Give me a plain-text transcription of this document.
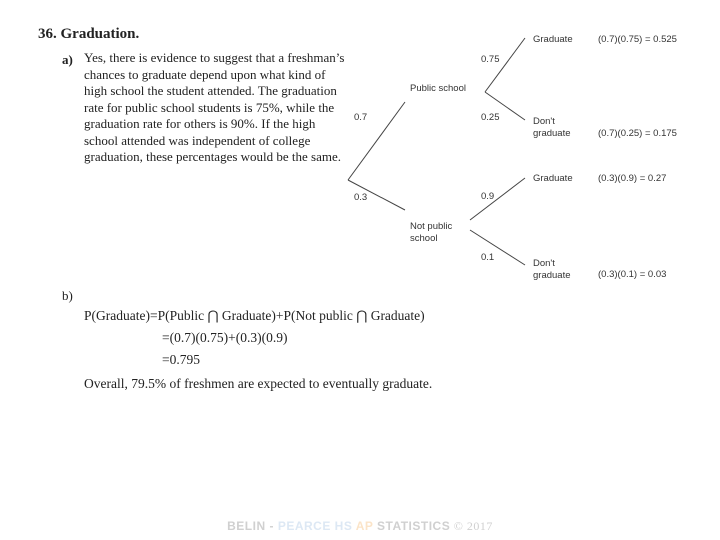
36. Graduation.
a) Yes, there is evidence to suggest that a freshman’s chances to graduate depend upon what kind of high school the student attended. The graduation rate for public school students is 75%, while the graduation rate for others is 90%. If the high school attended was independent of college graduation, these percentages would be the same.
0.7
0.3
Public school
Not public
school
0.75
0.25
0.9
0.1
Graduate
Don't
graduate
Graduate
Don't
graduate
(0.7)(0.75) = 0.525
(0.7)(0.25) = 0.175
(0.3)(0.9) = 0.27
(0.3)(0.1) = 0.03
b)
P(Graduate)=P(Public ⋂ Graduate)+P(Not public ⋂ Graduate)
=(0.7)(0.75)+(0.3)(0.9)
=0.795
Overall, 79.5% of freshmen are expected to eventually graduate.
BELIN - PEARCE HS AP STATISTICS © 2017
